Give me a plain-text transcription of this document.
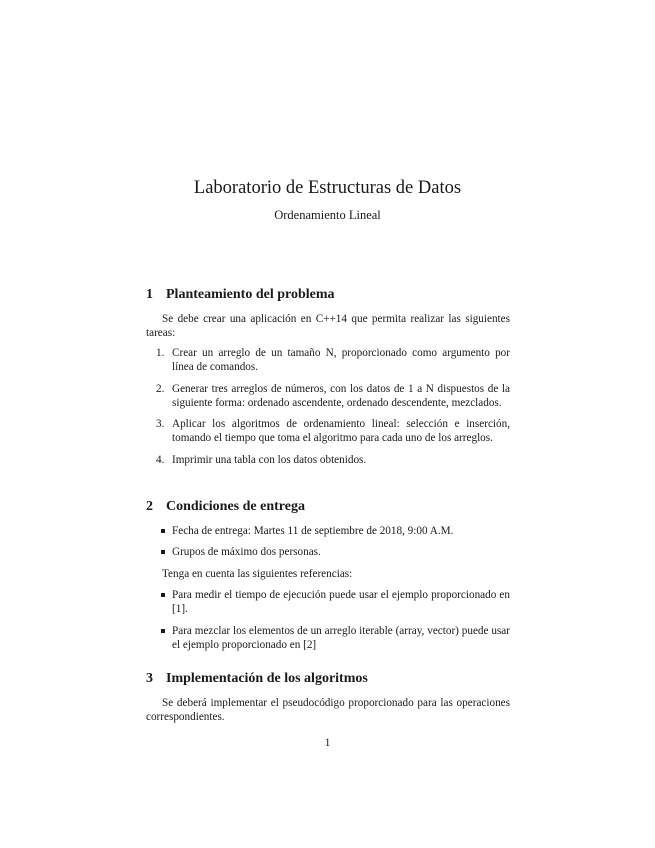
Laboratorio de Estructuras de Datos
Ordenamiento Lineal
1 Planteamiento del problema
Se debe crear una aplicación en C++14 que permita realizar las siguientes tareas:
1. Crear un arreglo de un tamaño N, proporcionado como argumento por línea de comandos.
2. Generar tres arreglos de números, con los datos de 1 a N dispuestos de la siguiente forma: ordenado ascendente, ordenado descendente, mezclados.
3. Aplicar los algoritmos de ordenamiento lineal: selección e inserción, tomando el tiempo que toma el algoritmo para cada uno de los arreglos.
4. Imprimir una tabla con los datos obtenidos.
2 Condiciones de entrega
Fecha de entrega: Martes 11 de septiembre de 2018, 9:00 A.M.
Grupos de máximo dos personas.
Tenga en cuenta las siguientes referencias:
Para medir el tiempo de ejecución puede usar el ejemplo proporcionado en [1].
Para mezclar los elementos de un arreglo iterable (array, vector) puede usar el ejemplo proporcionado en [2]
3 Implementación de los algoritmos
Se deberá implementar el pseudocódigo proporcionado para las operaciones correspondientes.
1
